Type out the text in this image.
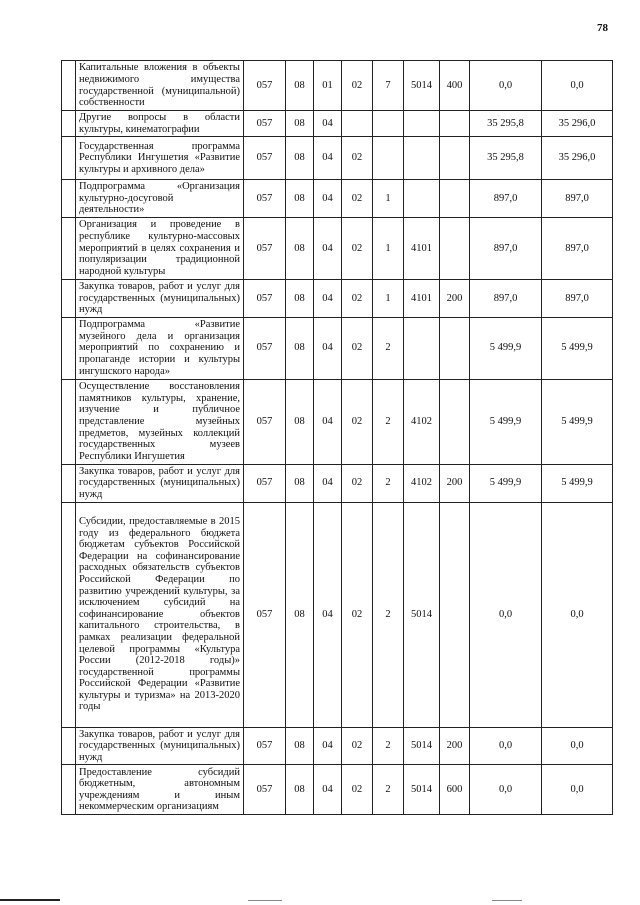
78
	Капитальные вложения в объекты недвижимого имущества государственной (муниципальной) собственности	057	08	01	02	7	5014	400	0,0	0,0
	Другие вопросы в области культуры, кинематографии	057	08	04					35 295,8	35 296,0
	Государственная программа Республики Ингушетия «Развитие культуры и архивного дела»	057	08	04	02				35 295,8	35 296,0
	Подпрограмма «Организация культурно-досуговой деятельности»	057	08	04	02	1			897,0	897,0
	Организация и проведение в республике культурно-массовых мероприятий в целях сохранения и популяризации традиционной народной культуры	057	08	04	02	1	4101		897,0	897,0
	Закупка товаров, работ и услуг для государственных (муниципальных) нужд	057	08	04	02	1	4101	200	897,0	897,0
	Подпрограмма «Развитие музейного дела и организация мероприятий по сохранению и пропаганде истории и культуры ингушского народа»	057	08	04	02	2			5 499,9	5 499,9
	Осуществление восстановления памятников культуры, хранение, изучение и публичное представление музейных предметов, музейных коллекций государственных музеев Республики Ингушетия	057	08	04	02	2	4102		5 499,9	5 499,9
	Закупка товаров, работ и услуг для государственных (муниципальных) нужд	057	08	04	02	2	4102	200	5 499,9	5 499,9
	Субсидии, предоставляемые в 2015 году из федерального бюджета бюджетам субъектов Российской Федерации на софинансирование расходных обязательств субъектов Российской Федерации по развитию учреждений культуры, за исключением субсидий на софинансирование объектов капитального строительства, в рамках реализации федеральной целевой программы «Культура России (2012-2018 годы)» государственной программы Российской Федерации «Развитие культуры и туризма» на 2013-2020 годы	057	08	04	02	2	5014		0,0	0,0
	Закупка товаров, работ и услуг для государственных (муниципальных) нужд	057	08	04	02	2	5014	200	0,0	0,0
	Предоставление субсидий бюджетным, автономным учреждениям и иным некоммерческим организациям	057	08	04	02	2	5014	600	0,0	0,0
